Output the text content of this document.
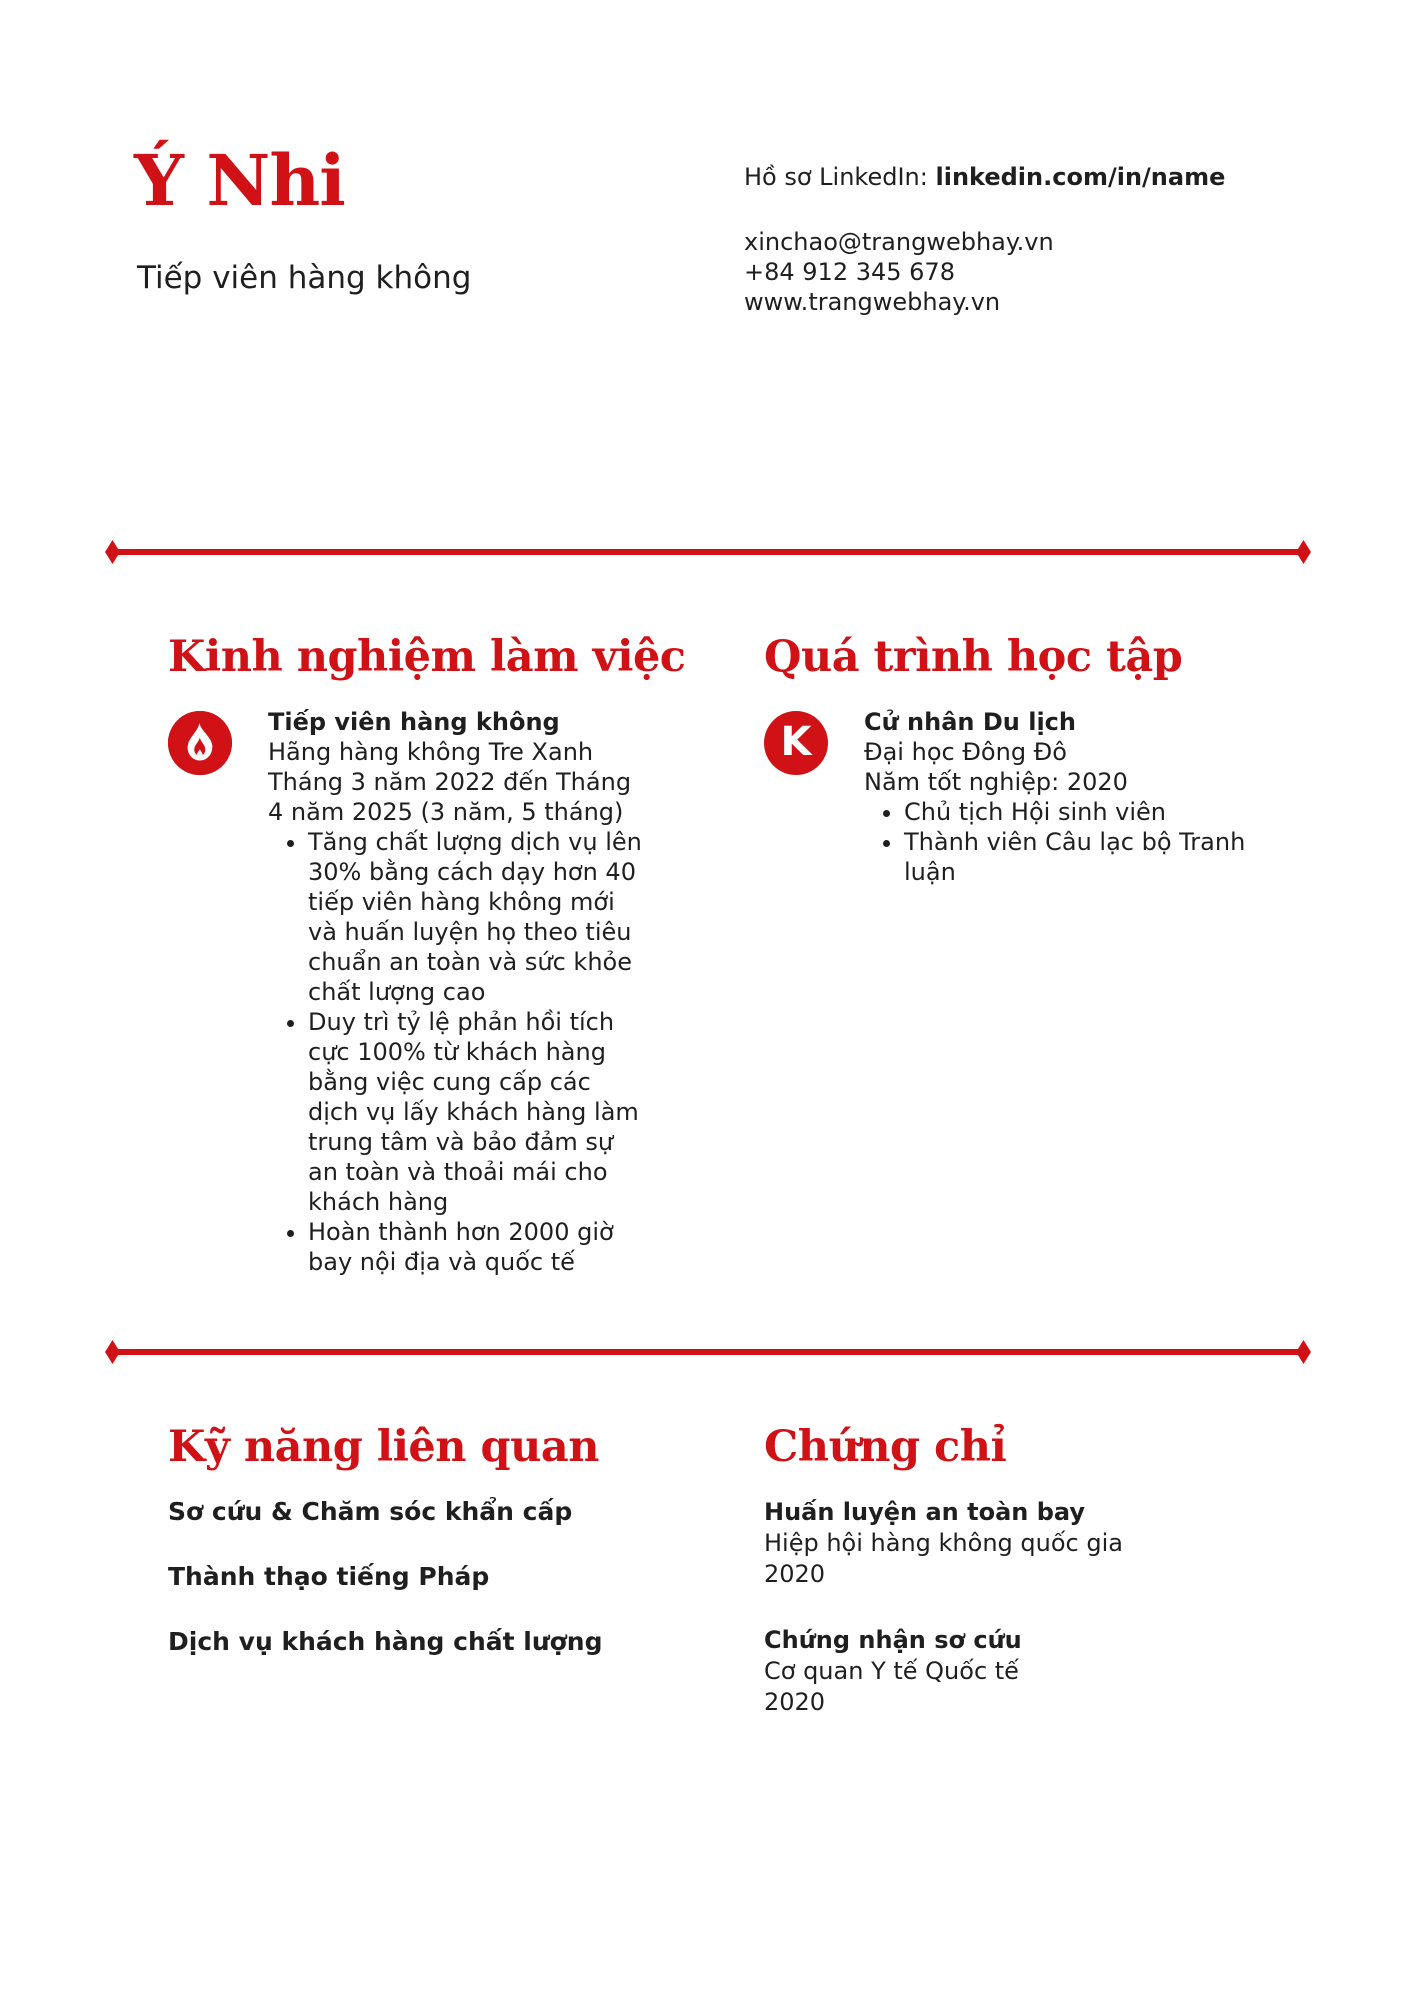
Ý Nhi
Tiếp viên hàng không
Hồ sơ LinkedIn: linkedin.com/in/name
xinchao@trangwebhay.vn
+84 912 345 678
www.trangwebhay.vn
Kinh nghiệm làm việc
Tiếp viên hàng không
Hãng hàng không Tre Xanh
Tháng 3 năm 2022 đến Tháng 4 năm 2025 (3 năm, 5 tháng)
• Tăng chất lượng dịch vụ lên 30% bằng cách dạy hơn 40 tiếp viên hàng không mới và huấn luyện họ theo tiêu chuẩn an toàn và sức khỏe chất lượng cao
• Duy trì tỷ lệ phản hồi tích cực 100% từ khách hàng bằng việc cung cấp các dịch vụ lấy khách hàng làm trung tâm và bảo đảm sự an toàn và thoải mái cho khách hàng
• Hoàn thành hơn 2000 giờ bay nội địa và quốc tế
Quá trình học tập
K Cử nhân Du lịch
Đại học Đông Đô
Năm tốt nghiệp: 2020
• Chủ tịch Hội sinh viên
• Thành viên Câu lạc bộ Tranh luận
Kỹ năng liên quan
Sơ cứu & Chăm sóc khẩn cấp
Thành thạo tiếng Pháp
Dịch vụ khách hàng chất lượng
Chứng chỉ
Huấn luyện an toàn bay
Hiệp hội hàng không quốc gia
2020
Chứng nhận sơ cứu
Cơ quan Y tế Quốc tế
2020
